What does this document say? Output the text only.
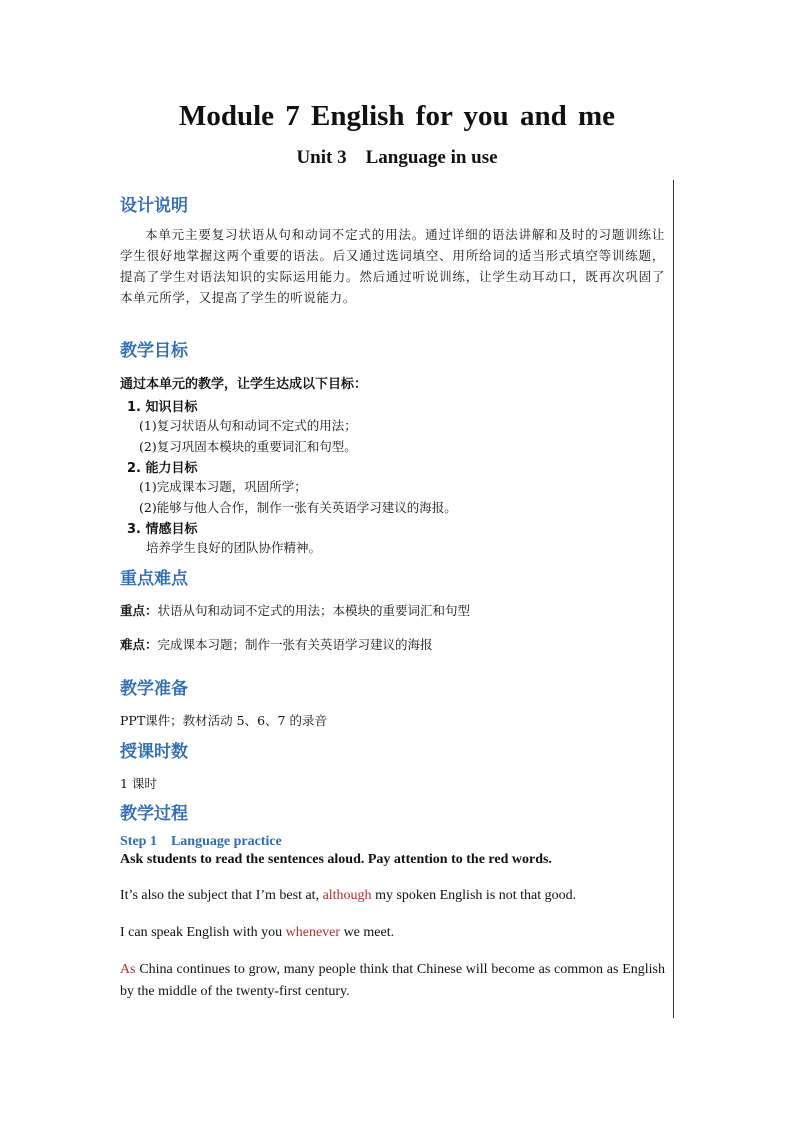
Module 7 English for you and me
Unit 3    Language in use

设计说明

本单元主要复习状语从句和动词不定式的用法。通过详细的语法讲解和及时的习题训练让学生很好地掌握这两个重要的语法。后又通过选词填空、用所给词的适当形式填空等训练题，提高了学生对语法知识的实际运用能力。然后通过听说训练，让学生动耳动口，既再次巩固了本单元所学，又提高了学生的听说能力。

教学目标

通过本单元的教学，让学生达成以下目标：

1. 知识目标

(1)复习状语从句和动词不定式的用法；

(2)复习巩固本模块的重要词汇和句型。

2. 能力目标

(1)完成课本习题，巩固所学；

(2)能够与他人合作，制作一张有关英语学习建议的海报。

3. 情感目标

培养学生良好的团队协作精神。

重点难点

重点：状语从句和动词不定式的用法；本模块的重要词汇和句型

难点：完成课本习题；制作一张有关英语学习建议的海报

教学准备

PPT课件；教材活动 5、6、7 的录音

授课时数

1 课时

教学过程

Step 1    Language practice

Ask students to read the sentences aloud. Pay attention to the red words.

It’s also the subject that I’m best at, although my spoken English is not that good.

I can speak English with you whenever we meet.

As China continues to grow, many people think that Chinese will become as common as English by the middle of the twenty-first century.
